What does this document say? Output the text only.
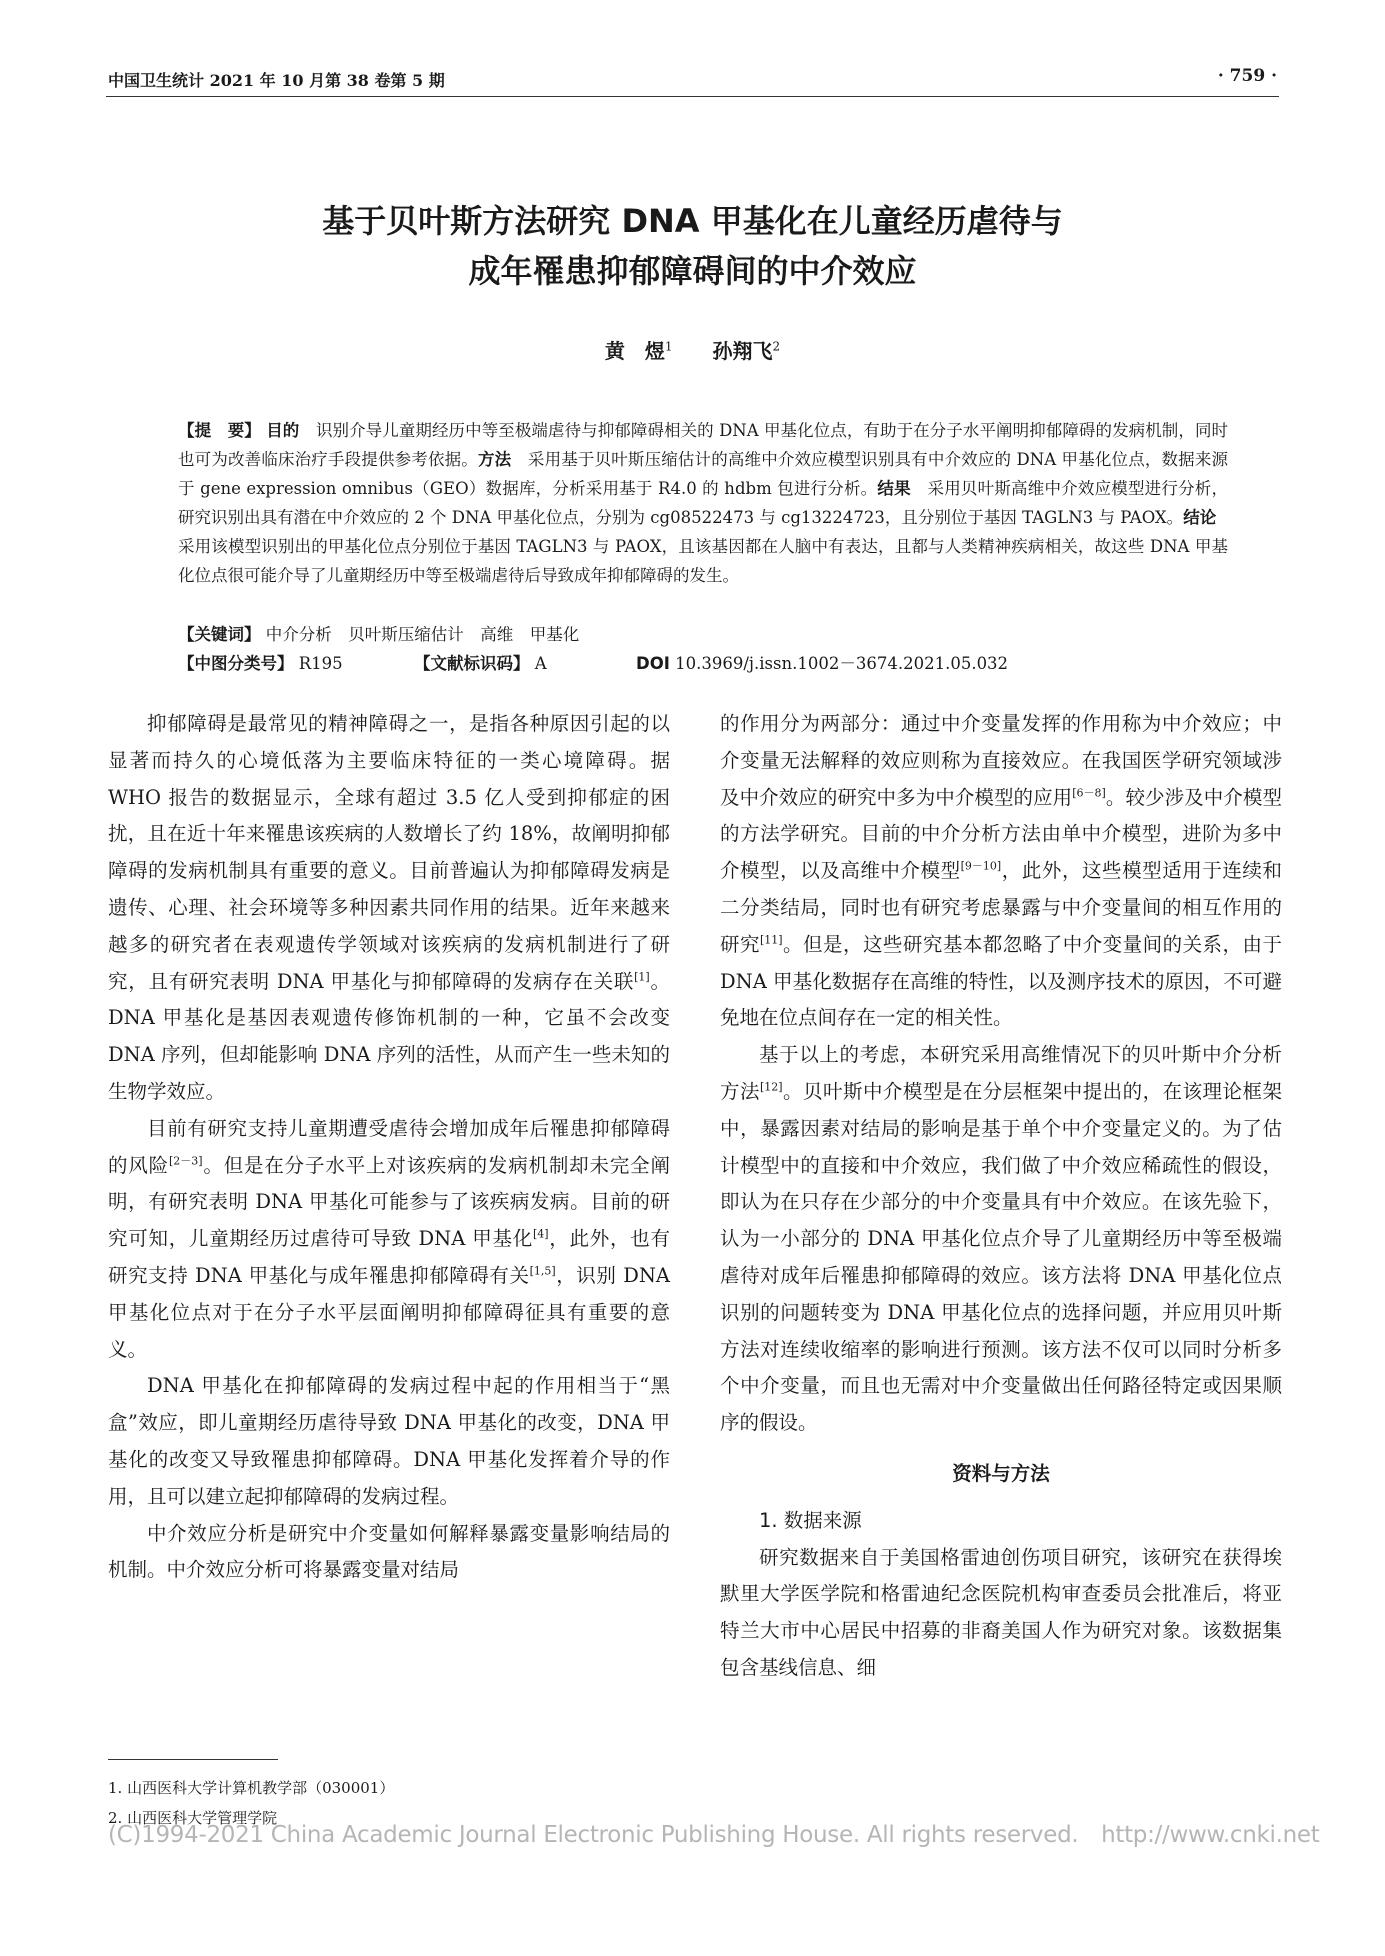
中国卫生统计 2021 年 10 月第 38 卷第 5 期	· 759 ·
基于贝叶斯方法研究 DNA 甲基化在儿童经历虐待与
成年罹患抑郁障碍间的中介效应
黄　煜$^1$ 孙翔飞$^2$
【提　要】 目的　识别介导儿童期经历中等至极端虐待与抑郁障碍相关的 DNA 甲基化位点，有助于在分子水平阐明抑郁障碍的发病机制，同时也可为改善临床治疗手段提供参考依据。方法　采用基于贝叶斯压缩估计的高维中介效应模型识别具有中介效应的 DNA 甲基化位点，数据来源于 gene expression omnibus（GEO）数据库，分析采用基于 R4.0 的 hdbm 包进行分析。结果　采用贝叶斯高维中介效应模型进行分析，研究识别出具有潜在中介效应的 2 个 DNA 甲基化位点，分别为 cg08522473 与 cg13224723，且分别位于基因 TAGLN3 与 PAOX。结论　采用该模型识别出的甲基化位点分别位于基因 TAGLN3 与 PAOX，且该基因都在人脑中有表达，且都与人类精神疾病相关，故这些 DNA 甲基化位点很可能介导了儿童期经历中等至极端虐待后导致成年抑郁障碍的发生。
【关键词】 中介分析　贝叶斯压缩估计　高维　甲基化
【中图分类号】 R195	【文献标识码】 A	DOI 10.3969/j.issn.1002－3674.2021.05.032

抑郁障碍是最常见的精神障碍之一，是指各种原因引起的以显著而持久的心境低落为主要临床特征的一类心境障碍。据 WHO 报告的数据显示，全球有超过 3.5 亿人受到抑郁症的困扰，且在近十年来罹患该疾病的人数增长了约 18%，故阐明抑郁障碍的发病机制具有重要的意义。目前普遍认为抑郁障碍发病是遗传、心理、社会环境等多种因素共同作用的结果。近年来越来越多的研究者在表观遗传学领域对该疾病的发病机制进行了研究，且有研究表明 DNA 甲基化与抑郁障碍的发病存在关联[1]。DNA 甲基化是基因表观遗传修饰机制的一种，它虽不会改变 DNA 序列，但却能影响 DNA 序列的活性，从而产生一些未知的生物学效应。

目前有研究支持儿童期遭受虐待会增加成年后罹患抑郁障碍的风险[2－3]。但是在分子水平上对该疾病的发病机制却未完全阐明，有研究表明 DNA 甲基化可能参与了该疾病发病。目前的研究可知，儿童期经历过虐待可导致 DNA 甲基化[4]，此外，也有研究支持 DNA 甲基化与成年罹患抑郁障碍有关[1,5]，识别 DNA 甲基化位点对于在分子水平层面阐明抑郁障碍征具有重要的意义。

DNA 甲基化在抑郁障碍的发病过程中起的作用相当于“黑盒”效应，即儿童期经历虐待导致 DNA 甲基化的改变，DNA 甲基化的改变又导致罹患抑郁障碍。DNA 甲基化发挥着介导的作用，且可以建立起抑郁障碍的发病过程。

中介效应分析是研究中介变量如何解释暴露变量影响结局的机制。中介效应分析可将暴露变量对结局

的作用分为两部分：通过中介变量发挥的作用称为中介效应；中介变量无法解释的效应则称为直接效应。在我国医学研究领域涉及中介效应的研究中多为中介模型的应用[6－8]。较少涉及中介模型的方法学研究。目前的中介分析方法由单中介模型，进阶为多中介模型，以及高维中介模型[9－10]，此外，这些模型适用于连续和二分类结局，同时也有研究考虑暴露与中介变量间的相互作用的研究[11]。但是，这些研究基本都忽略了中介变量间的关系，由于 DNA 甲基化数据存在高维的特性，以及测序技术的原因，不可避免地在位点间存在一定的相关性。

基于以上的考虑，本研究采用高维情况下的贝叶斯中介分析方法[12]。贝叶斯中介模型是在分层框架中提出的，在该理论框架中，暴露因素对结局的影响是基于单个中介变量定义的。为了估计模型中的直接和中介效应，我们做了中介效应稀疏性的假设，即认为在只存在少部分的中介变量具有中介效应。在该先验下，认为一小部分的 DNA 甲基化位点介导了儿童期经历中等至极端虐待对成年后罹患抑郁障碍的效应。该方法将 DNA 甲基化位点识别的问题转变为 DNA 甲基化位点的选择问题，并应用贝叶斯方法对连续收缩率的影响进行预测。该方法不仅可以同时分析多个中介变量，而且也无需对中介变量做出任何路径特定或因果顺序的假设。

资料与方法
1. 数据来源

研究数据来自于美国格雷迪创伤项目研究，该研究在获得埃默里大学医学院和格雷迪纪念医院机构审查委员会批准后，将亚特兰大市中心居民中招募的非裔美国人作为研究对象。该数据集包含基线信息、细

1. 山西医科大学计算机教学部（030001）
2. 山西医科大学管理学院
(C)1994-2021 China Academic Journal Electronic Publishing House. All rights reserved.　http://www.cnki.net
